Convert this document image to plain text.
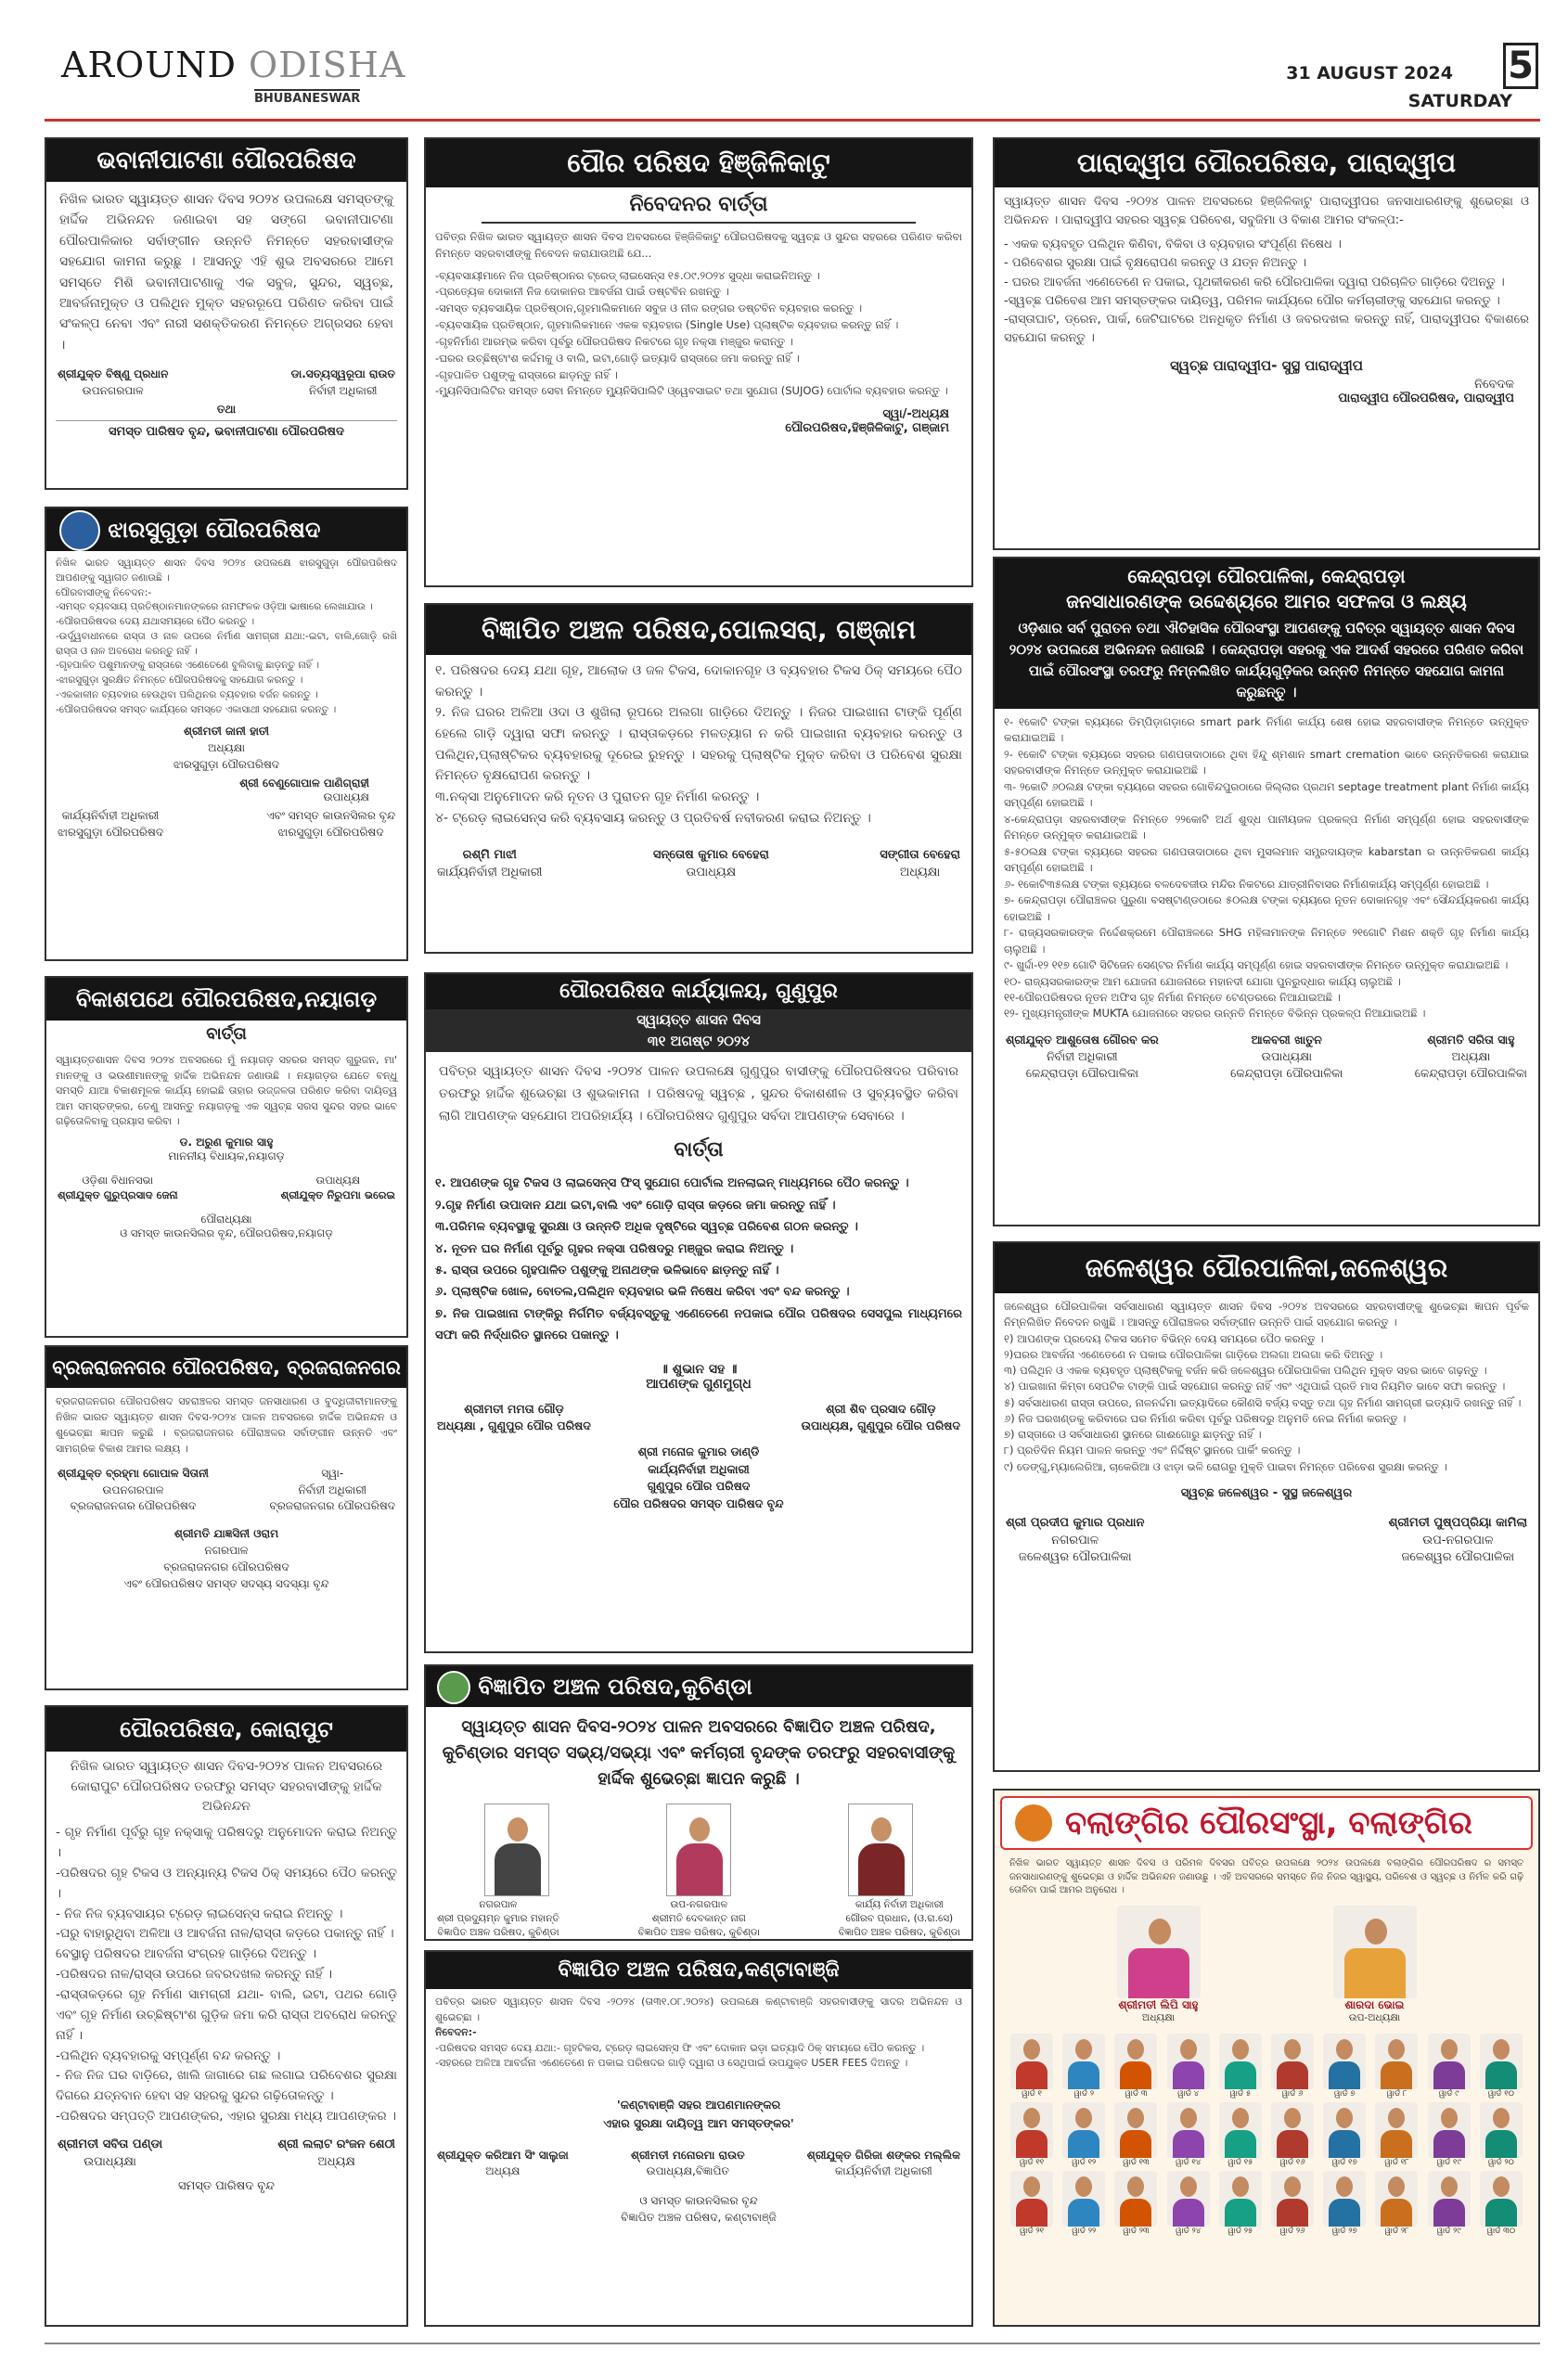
AROUND ODISHA
BHUBANESWAR
31 AUGUST 2024
SATURDAY
5
ଭବାନୀପାଟଣା ପୌରପରିଷଦ
ନିଖିଳ ଭାରତ ସ୍ୱାୟତ୍ତ ଶାସନ ଦିବସ ୨୦୨୪ ଉପଲକ୍ଷେ ସମସ୍ତଙ୍କୁ ହାର୍ଦ୍ଦିକ ଅଭିନନ୍ଦନ ଜଣାଇବା ସହ ସଙ୍ଗେ ଭବାନୀପାଟଣା ପୌରପାଳିକାର ସର୍ବାଙ୍ଗୀନ ଉନ୍ନତି ନିମନ୍ତେ ସହରବାସୀଙ୍କ ସହଯୋଗ କାମନା କରୁଛୁ । ଆସନ୍ତୁ ଏହି ଶୁଭ ଅବସରରେ ଆମେ ସମସ୍ତେ ମିଶି ଭବାନୀପାଟଣାକୁ ଏକ ସବୁଜ, ସୁନ୍ଦର, ସ୍ୱଚ୍ଛ, ଆବର୍ଜନାମୁକ୍ତ ଓ ପଲିଥିନ ମୁକ୍ତ ସହରରୂପେ ପରିଣତ କରିବା ପାଇଁ ସଂକଳ୍ପ ନେବା ଏବଂ ନାରୀ ସଶକ୍ତିକରଣ ନିମନ୍ତେ ଅଗ୍ରସର ହେବା ।
ଶ୍ରୀଯୁକ୍ତ ବିଷ୍ଣୁ ପ୍ରଧାନ
ଉପନଗରପାଳ
ଡା.ସତ୍ୟସ୍ୱରୂପା ରାଉତ
ନିର୍ବାହୀ ଅଧିକାରୀ
ତଥା
ସମସ୍ତ ପାରିଷଦ ବୃନ୍ଦ, ଭବାନୀପାଟଣା ପୌରପରିଷଦ
ପୌର ପରିଷଦ ହିଞ୍ଜିଳିକାଟୁ
ନିବେଦନର ବାର୍ତ୍ତା
ପବିତ୍ର ନିଖିଳ ଭାରତ ସ୍ୱାୟତ୍ତ ଶାସନ ଦିବସ ଅବସରରେ ହିଞ୍ଜିଳିକାଟୁ ପୌରପରିଷଦକୁ ସ୍ୱଚ୍ଛ ଓ ସୁନ୍ଦର ସହରରେ ପରିଣତ କରିବା ନିମନ୍ତେ ସହରବାସୀଙ୍କୁ ନିବେଦନ କରାଯାଉଅଛି ଯେ...
-ବ୍ୟବସାୟୀମାନେ ନିଜ ପ୍ରତିଷ୍ଠାନର ଟ୍ରେଡ୍ ଲାଇସେନ୍ସ ୧୫.୦୯.୨୦୨୪ ସୁଦ୍ଧା କରାଇନିଅନ୍ତୁ ।
-ପ୍ରତ୍ୟେକ ଦୋକାନୀ ନିଜ ଦୋକାନର ଆବର୍ଜନା ପାଇଁ ଡଷ୍ଟବିନ ରଖନ୍ତୁ ।
-ସମସ୍ତ ବ୍ୟବସାୟିକ ପ୍ରତିଷ୍ଠାନ,ଗୃହମାଲିକମାନେ ସବୁଜ ଓ ନୀଳ ରଙ୍ଗର ଡଷ୍ଟବିନ ବ୍ୟବହାର କରନ୍ତୁ ।
-ବ୍ୟବସାୟିକ ପ୍ରତିଷ୍ଠାନ, ଗୃହମାଲିକମାନେ ଏକକ ବ୍ୟବହାର (Single Use) ପ୍ଲାଷ୍ଟିକ ବ୍ୟବହାର କରନ୍ତୁ ନାହିଁ ।
-ଗୃହନିର୍ମାଣ ଆରମ୍ଭ କରିବା ପୂର୍ବରୁ ପୌରପରିଷଦ ନିକଟରେ ଗୃହ ନକ୍ସା ମଞ୍ଜୁର କରାନ୍ତୁ ।
-ଘରର ଉଚ୍ଛିଷ୍ଟାଂଶ କର୍ଦ୍ଦମକୁ ଓ ବାଲି, ଇଟା,ଗୋଡ଼ି ଇତ୍ୟାଦି ରାସ୍ତାରେ ଜମା କରନ୍ତୁ ନାହିଁ ।
-ଗୃହପାଳିତ ପଶୁଙ୍କୁ ରାସ୍ତାରେ ଛାଡ଼ନ୍ତୁ ନାହିଁ ।
-ମ୍ୟୁନିସିପାଲିଟିର ସମସ୍ତ ସେବା ନିମନ୍ତେ ମ୍ୟୁନିସିପାଲିଟି ଓ୍ୱେବସାଇଟ ତଥା ସୁଯୋଗ (SUJOG) ପୋର୍ଟାଲ ବ୍ୟବହାର କରନ୍ତୁ ।
ସ୍ୱା/-ଅଧ୍ୟକ୍ଷ
ପୌରପରିଷଦ,ହିଞ୍ଜିଳିକାଟୁ, ଗଞ୍ଜାମ
ପାରାଦ୍ୱୀପ ପୌରପରିଷଦ, ପାରାଦ୍ୱୀପ
ସ୍ୱାୟତ୍ତ ଶାସନ ଦିବସ -୨୦୨୪ ପାଳନ ଅବସରରେ ହିଞ୍ଜିଳିକାଟୁ ପାରାଦ୍ୱୀପର ଜନସାଧାରଣଙ୍କୁ ଶୁଭେଚ୍ଛା ଓ ଅଭିନନ୍ଦନ । ପାରାଦ୍ୱୀପ ସହରର ସ୍ୱଚ୍ଛ ପରିବେଶ, ସବୁଜିମା ଓ ବିକାଶ ଆମର ସଂକଳ୍ପ:-
- ଏକକ ବ୍ୟବହୃତ ପଲିଥିନ କିଣିବା, ବିକିବା ଓ ବ୍ୟବହାର ସଂପୂର୍ଣ୍ଣ ନିଷେଧ ।
- ପରିବେଶର ସୁରକ୍ଷା ପାଇଁ ବୃକ୍ଷରୋପଣ କରନ୍ତୁ ଓ ଯତ୍ନ ନିଅନ୍ତୁ ।
- ଘରର ଆବର୍ଜନା ଏଣେତେଣେ ନ ପକାଇ, ପୃଥକୀକରଣ କରି ପୌରପାଳିକା ଦ୍ୱାରା ପରିଚାଳିତ ଗାଡ଼ିରେ ଦିଅନ୍ତୁ ।
-ସ୍ୱଚ୍ଛ ପରିବେଶ ଆମ ସମସ୍ତଙ୍କର ଦାୟିତ୍ୱ, ପରିମଳ କାର୍ଯ୍ୟରେ ପୌର କର୍ମଚାରୀଙ୍କୁ ସହଯୋଗ କରନ୍ତୁ ।
-ରାସ୍ତାଘାଟ, ଡ୍ରେନ, ପାର୍କ, ଜେଟିଘାଟରେ ଅନଧିକୃତ ନିର୍ମାଣ ଓ ଜବରଦଖଲ କରନ୍ତୁ ନାହିଁ, ପାରାଦ୍ୱୀପର ବିକାଶରେ ସହଯୋଗ କରନ୍ତୁ ।
ସ୍ୱଚ୍ଛ ପାରାଦ୍ୱୀପ- ସୁସ୍ଥ ପାରାଦ୍ୱୀପ
ନିବେଦକ
ପାରାଦ୍ୱୀପ ପୌରପରିଷଦ, ପାରାଦ୍ୱୀପ
ଝାରସୁଗୁଡ଼ା ପୌରପରିଷଦ
ନିଖିଳ ଭାରତ ସ୍ୱାୟତ୍ତ ଶାସନ ଦିବସ ୨୦୨୪ ଉପଲକ୍ଷେ ଝାରସୁଗୁଡ଼ା ପୌରପରିଷଦ ଆପଣଙ୍କୁ ସ୍ୱାଗତ ଜଣାଉଛି ।
ପୌରବାସୀଙ୍କୁ ନିବେଦନ:-
-ସମସ୍ତ ବ୍ୟବସାୟ ପ୍ରତିଷ୍ଠାନମାନଙ୍କରେ ନାମଫଳକ ଓଡ଼ିଆ ଭାଷାରେ ଲେଖାଯାଉ ।
-ପୌରପରିଷଦର ଦେୟ ଯଥାସମୟରେ ପୈଠ କରନ୍ତୁ ।
-ଉର୍ଦ୍ଧ୍ୱବାଧୀନରେ ରାସ୍ତା ଓ ନାଳ ଉପରେ ନିର୍ମାଣ ସାମଗ୍ରୀ ଯଥା:-ଇଟା, ବାଲି,ଗୋଡ଼ି ରଖି ରାସ୍ତା ଓ ନାଳ ଅବରୋଧ କରନ୍ତୁ ନାହିଁ ।
-ଗୃହପାଳିତ ପଶୁମାନଙ୍କୁ ରାସ୍ତାରେ ଏଣେତେଣେ ବୁଲିବାକୁ ଛାଡ଼ନ୍ତୁ ନାହିଁ ।
-ଝାରସୁଗୁଡ଼ା ସୁରକ୍ଷିତ ନିମନ୍ତେ ପୌରପରିଷଦକୁ ସହଯୋଗ କରନ୍ତୁ ।
-ଏକକାଳୀନ ବ୍ୟବହାର ହେଉଥିବା ପଲିଥିନର ବ୍ୟବହାର ବର୍ଜନ କରନ୍ତୁ ।
-ପୌରପରିଷଦର ସମସ୍ତ କାର୍ଯ୍ୟରେ ସମସ୍ତେ ଏକାସାଥୀ ସହଯୋଗ କରନ୍ତୁ ।
ଶ୍ରୀମତୀ ଜାନୀ ହାତୀ
ଅଧ୍ୟକ୍ଷା
ଝାରସୁଗୁଡ଼ା ପୌରପରିଷଦ
ଶ୍ରୀ ବେଣୁଗୋପାଳ ପାଣିଗ୍ରାହୀ
ଉପାଧ୍ୟକ୍ଷ
କାର୍ଯ୍ୟନିର୍ବାହୀ ଅଧିକାରୀ
ଝାରସୁଗୁଡ଼ା ପୌରପରିଷଦ
ଏବଂ ସମସ୍ତ କାଉନସିଲର ବୃନ୍ଦ
ଝାରସୁଗୁଡ଼ା ପୌରପରିଷଦ
ବିଜ୍ଞାପିତ ଅଞ୍ଚଳ ପରିଷଦ,ପୋଲସରା, ଗଞ୍ଜାମ
୧. ପରିଷଦର ଦେୟ ଯଥା ଗୃହ, ଆଲୋକ ଓ ଜଳ ଟିକସ, ଦୋକାନଗୃହ ଓ ବ୍ୟବହାର ଟିକସ ଠିକ୍ ସମୟରେ ପୈଠ କରନ୍ତୁ ।
୨. ନିଜ ଘରର ଅଳିଆ ଓଦା ଓ ଶୁଖିଲା ରୂପରେ ଅଲଗା ଗାଡ଼ିରେ ଦିଅନ୍ତୁ । ନିଜର ପାଇଖାନା ଟାଙ୍କି ପୂର୍ଣ୍ଣ ହେଲେ ଗାଡ଼ି ଦ୍ୱାରା ସଫା କରନ୍ତୁ । ରାସ୍ତାକଡ଼ରେ ମଳତ୍ୟାଗ ନ କରି ପାଇଖାନା ବ୍ୟବହାର କରନ୍ତୁ ଓ ପଲିଥିନ,ପ୍ଲାଷ୍ଟିକର ବ୍ୟବହାରକୁ ଦୂରେଇ ରୁହନ୍ତୁ । ସହରକୁ ପ୍ଲାଷ୍ଟିକ ମୁକ୍ତ କରିବା ଓ ପରିବେଶ ସୁରକ୍ଷା ନିମନ୍ତେ ବୃକ୍ଷରୋପଣ କରନ୍ତୁ ।
୩.ନକ୍ସା ଅନୁମୋଦନ କରି ନୂତନ ଓ ପୁରାତନ ଗୃହ ନିର୍ମାଣ କରନ୍ତୁ ।
୪- ଟ୍ରେଡ଼ ଲାଇସେନ୍ସ କରି ବ୍ୟବସାୟ କରନ୍ତୁ ଓ ପ୍ରତିବର୍ଷ ନବୀକରଣ କରାଇ ନିଅନ୍ତୁ ।
ରଶ୍ମି ମାଝୀ
କାର୍ଯ୍ୟନିର୍ବାହୀ ଅଧିକାରୀ
ସନ୍ତୋଷ କୁମାର ବେହେରା
ଉପାଧ୍ୟକ୍ଷ
ସଙ୍ଗୀତା ବେହେରା
ଅଧ୍ୟକ୍ଷା
କେନ୍ଦ୍ରାପଡ଼ା ପୌରପାଳିକା, କେନ୍ଦ୍ରାପଡ଼ା
ଜନସାଧାରଣଙ୍କ ଉଦ୍ଦେଶ୍ୟରେ ଆମର ସଫଳତା ଓ ଲକ୍ଷ୍ୟ
ଓଡ଼ିଶାର ସର୍ବ ପୁରାତନ ତଥା ଐତିହାସିକ ପୌରସଂସ୍ଥା ଆପଣଙ୍କୁ ପବିତ୍ର ସ୍ୱାୟତ୍ତ ଶାସନ ଦିବସ ୨୦୨୪ ଉପଲକ୍ଷେ ଅଭିନନ୍ଦନ ଜଣାଉଛି । କେନ୍ଦ୍ରାପଡ଼ା ସହରକୁ ଏକ ଆଦର୍ଶ ସହରରେ ପରିଣତ କରିବା ପାଇଁ ପୌରସଂସ୍ଥା ତରଫରୁ ନିମ୍ନଲିଖିତ କାର୍ଯ୍ୟଗୁଡ଼ିକର ଉନ୍ନତି ନିମନ୍ତେ ସହଯୋଗ କାମନା କରୁଛନ୍ତୁ ।
୧- ୧କୋଟି ଟଙ୍କା ବ୍ୟୟରେ ଡିମ୍ପିଡ଼ାଗଡ଼ାରେ smart park ନିର୍ମାଣ କାର୍ଯ୍ୟ ଶେଷ ହୋଇ ସହରବାସୀଙ୍କ ନିମନ୍ତେ ଉନ୍ମୁକ୍ତ କରାଯାଇଅଛି ।
୨- ୧କୋଟି ଟଙ୍କା ବ୍ୟୟରେ ସହରର ଗଣପତାଦାଠାରେ ଥିବା ହିନ୍ଦୁ ଶ୍ମଶାନ smart cremation ଭାବେ ଉନ୍ନତିକରଣ କରାଯାଇ ସହରବାସୀଙ୍କ ନିମନ୍ତେ ଉନ୍ମୁକ୍ତ କରାଯାଇଅଛି ।
୩- ୨କୋଟି ୬୦ଲକ୍ଷ ଟଙ୍କା ବ୍ୟୟରେ ସହରର ଗୋବିନ୍ଦପୁରଠାରେ ଜିଲ୍ଲାର ପ୍ରଥମ septage treatment plant ନିର୍ମାଣ କାର୍ଯ୍ୟ ସମ୍ପୂର୍ଣ୍ଣ ହୋଇଅଛି ।
୪-କେନ୍ଦ୍ରାପଡ଼ା ସହରବାସୀଙ୍କ ନିମନ୍ତେ ୨୨କୋଟି ଅର୍ଥ ଶୁଦ୍ଧ ପାନୀୟଜଳ ପ୍ରକଳ୍ପ ନିର୍ମାଣ ସମ୍ପୂର୍ଣ୍ଣ ହୋଇ ସହରବାସୀଙ୍କ ନିମନ୍ତେ ଉନ୍ମୁକ୍ତ କରାଯାଇଅଛି ।
୫-୫୦ଲକ୍ଷ ଟଙ୍କା ବ୍ୟୟରେ ସହରର ଗଣପତାଦାଠାରେ ଥିବା ମୁସଲମାନ ସମ୍ପ୍ରଦାୟଙ୍କ kabarstan ର ଉନ୍ନତିକରଣ କାର୍ଯ୍ୟ ସମ୍ପୂର୍ଣ୍ଣ ହୋଇଅଛି ।
୬- ୧କୋଟି୩୫ଲକ୍ଷ ଟଙ୍କା ବ୍ୟୟରେ ବଳଦେବଜୀଉ ମନ୍ଦିର ନିକଟରେ ଯାତ୍ରୀନିବାସର ନିର୍ମାଣକାର୍ଯ୍ୟ ସମ୍ପୂର୍ଣ୍ଣ ହୋଇଅଛି ।
୭- କେନ୍ଦ୍ରାପଡ଼ା ପୌରାଞ୍ଚଳର ପୁରୁଣା ବସଷ୍ଟାଣ୍ଡଠାରେ ୫୦ଲକ୍ଷ ଟଙ୍କା ବ୍ୟୟରେ ନୂତନ ଦୋକାନଗୃହ ଏବଂ ସୌନ୍ଦର୍ଯ୍ୟକରଣ କାର୍ଯ୍ୟ ହୋଇଅଛି ।
୮- ରାଜ୍ୟସରକାରଙ୍କ ନିର୍ଦ୍ଦେଶକ୍ରମେ ପୌରାଞ୍ଚଳରେ SHG ମହିଳାମାନଙ୍କ ନିମନ୍ତେ ୨୧ଗୋଟି ମିଶନ ଶକ୍ତି ଗୃହ ନିର୍ମାଣ କାର୍ଯ୍ୟ ଚାଲୁଅଛି ।
୯- ଖୁର୍ଦ୍ଦା-୧୨ ୧୧୭ ଗୋଟି ସିଟିଜେନ ସେଣ୍ଟର ନିର୍ମାଣ କାର୍ଯ୍ୟ ସମ୍ପୂର୍ଣ୍ଣ ହୋଇ ସହରବାସୀଙ୍କ ନିମନ୍ତେ ଉନ୍ମୁକ୍ତ କରାଯାଇଅଛି ।
୧୦- ରାଜ୍ୟସରକାରଙ୍କ ଆମ ଯୋଜନା ଯୋଜନାରେ ମହାନଦୀ ଯୋଗା ପୁନରୁଦ୍ଧାର କାର୍ଯ୍ୟ ଚାଲୁଅଛି ।
୧୧-ପୌରପରିଷଦର ନୂତନ ଅଫିସ ଗୃହ ନିର୍ମାଣ ନିମନ୍ତେ ଟେଣ୍ଡରରେ ନିଆଯାଇଅଛି ।
୧୨- ମୁଖ୍ୟମନ୍ତ୍ରୀଙ୍କ MUKTA ଯୋଜନାରେ ସହରର ଉନ୍ନତି ନିମନ୍ତେ ବିଭିନ୍ନ ପ୍ରକଳ୍ପ ନିଆଯାଇଅଛି ।
ଶ୍ରୀଯୁକ୍ତ ଆଶୁତୋଷ ଗୌରବ କର
ନିର୍ବାହୀ ଅଧିକାରୀ
କେନ୍ଦ୍ରାପଡ଼ା ପୌରପାଳିକା
ଆକବରୀ ଖାତୁନ
ଉପାଧ୍ୟକ୍ଷା
କେନ୍ଦ୍ରାପଡ଼ା ପୌରପାଳିକା
ଶ୍ରୀମତି ସରିତା ସାହୁ
ଅଧ୍ୟକ୍ଷା
କେନ୍ଦ୍ରାପଡ଼ା ପୌରପାଳିକା
ବିକାଶପଥେ ପୌରପରିଷଦ,ନୟାଗଡ଼
ବାର୍ତ୍ତା
ସ୍ୱାୟତ୍ତଶାସନ ଦିବସ ୨୦୨୪ ଅବସରରେ ମୁଁ ନୟାଗଡ଼ ସହରର ସମସ୍ତ ଗୁରୁଜନ, ମା' ମାନଙ୍କୁ ଓ ଭଉଣୀମାନଙ୍କୁ ହାର୍ଦ୍ଦିକ ଅଭିନନ୍ଦନ ଜଣାଉଛି । ନୟାଗଡ଼ର ଯେତେ ବନ୍ଧୁ ସମସ୍ତି ଯାଆ ବିକାଶମୂଳକ କାର୍ଯ୍ୟ ହୋଇଛି ତାହାର ଉଜ୍ଜଳତା ପରିଣତ କରିବା ଦାୟିତ୍ୱ ଆମ ସମସ୍ତଙ୍କର, ତେଣୁ ଆସନ୍ତୁ ନୟାଗଡ଼କୁ ଏକ ସ୍ୱଚ୍ଛ ସରସ ସୁନ୍ଦର ସହର ଭାବେ ଗଢ଼ିତୋଳିବାକୁ ପ୍ରୟାସ କରିବା ।
ଡ. ଅରୁଣ କୁମାର ସାହୁ
ମାନନୀୟ ବିଧାୟକ,ନୟାଗଡ଼
ଓଡ଼ିଶା ବିଧାନସଭା
ଶ୍ରୀଯୁକ୍ତ ଗୁରୁପ୍ରସାଦ ଜେନା
ଉପାଧ୍ୟକ୍ଷ
ଶ୍ରୀଯୁକ୍ତ ନିରୁପମା ଭରେଇ
ପୌରାଧ୍ୟକ୍ଷା
ଓ ସମସ୍ତ କାଉନସିଲର ବୃନ୍ଦ, ପୌରପରିଷଦ,ନୟାଗଡ଼
ପୌରପରିଷଦ କାର୍ଯ୍ୟାଳୟ, ଗୁଣୁପୁର
ସ୍ୱାୟତ୍ତ ଶାସନ ଦିବସ
୩୧ ଅଗଷ୍ଟ ୨୦୨୪
ପବିତ୍ର ସ୍ୱାୟତ୍ତ ଶାସନ ଦିବସ -୨୦୨୪ ପାଳନ ଉପଲକ୍ଷେ ଗୁଣୁପୁର ବାସୀଙ୍କୁ ପୌରପରିଷଦର ପରିବାର ତରଫରୁ ହାର୍ଦ୍ଦିକ ଶୁଭେଚ୍ଛା ଓ ଶୁଭକାମନା । ପରିଷଦକୁ ସ୍ୱଚ୍ଛ , ସୁନ୍ଦର ବିକାଶଶୀଳ ଓ ସୁବ୍ୟବସ୍ଥିତ କରିବା ଲାଗି ଆପଣଙ୍କ ସହଯୋଗ ଅପରିହାର୍ଯ୍ୟ । ପୌରପରିଷଦ ଗୁଣୁପୁର ସର୍ବଦା ଆପଣଙ୍କ ସେବାରେ ।
ବାର୍ତ୍ତା
୧. ଆପଣଙ୍କ ଗୃହ ଟିକସ ଓ ଲାଇସେନ୍ସ ଫିସ୍ ସୁଯୋଗ ପୋର୍ଟାଲ ଅନଲାଇନ୍ ମାଧ୍ୟମରେ ପୈଠ କରନ୍ତୁ ।
୨.ଗୃହ ନିର୍ମାଣ ଉପାଦାନ ଯଥା ଇଟା,ବାଲି ଏବଂ ଗୋଡ଼ି ରାସ୍ତା କଡ଼ରେ ଜମା କରନ୍ତୁ ନାହିଁ ।
୩.ପରିମଳ ବ୍ୟବସ୍ଥାକୁ ସୁରକ୍ଷା ଓ ଉନ୍ନତି ଅଧିକ ଦୃଷ୍ଟିରେ ସ୍ୱଚ୍ଛ ପରିବେଶ ଗଠନ କରନ୍ତୁ ।
୪. ନୂତନ ଘର ନିର୍ମାଣ ପୂର୍ବରୁ ଗୃହର ନକ୍ସା ପରିଷଦରୁ ମଞ୍ଜୁର କରାଇ ନିଅନ୍ତୁ ।
୫. ରାସ୍ତା ଉପରେ ଗୃହପାଳିତ ପଶୁଙ୍କୁ ଅନାଥଙ୍କ ଭଳିଭାବେ ଛାଡ଼ନ୍ତୁ ନାହିଁ ।
୬. ପ୍ଲାଷ୍ଟିକ ଖୋଳ, ବୋତଲ,ପଲିଥିନ ବ୍ୟବହାର ଭଳି ନିଷେଧ କରିବା ଏବଂ ବନ୍ଦ କରନ୍ତୁ ।
୭. ନିଜ ପାଇଖାନା ଟାଙ୍କିରୁ ନିର୍ଗମିତ ବର୍ଜ୍ୟବସ୍ତୁକୁ ଏଣେତେଣେ ନପକାଇ ପୌର ପରିଷଦର ସେସପୁଲ ମାଧ୍ୟମରେ ସଫା କରି ନିର୍ଦ୍ଧାରିତ ସ୍ଥାନରେ ପକାନ୍ତୁ ।
॥ ଶୁଭାନ ସହ ॥
ଆପଣଙ୍କ ଗୁଣମୁଗ୍ଧ
ଶ୍ରୀମତୀ ମମତା ଗୌଡ଼
ଅଧ୍ୟକ୍ଷା , ଗୁଣୁପୁର ପୌର ପରିଷଦ
ଶ୍ରୀ ଶିବ ପ୍ରସାଦ ଗୌଡ଼
ଉପାଧ୍ୟକ୍ଷ, ଗୁଣୁପୁର ପୌର ପରିଷଦ
ଶ୍ରୀ ମନୋଜ କୁମାର ଡାଣ୍ଡି
କାର୍ଯ୍ୟନିର୍ବାହୀ ଅଧିକାରୀ
ଗୁଣୁପୁର ପୌର ପରିଷଦ
ପୌର ପରିଷଦର ସମସ୍ତ ପାରିଷଦ ବୃନ୍ଦ
ବ୍ରଜରାଜନଗର ପୌରପରିଷଦ, ବ୍ରଜରାଜନଗର
ବ୍ରଜରାଜନଗର ପୌରପରିଷଦ ସହରାଞ୍ଚଳର ସମସ୍ତ ଜନସାଧାରଣ ଓ ବୁଦ୍ଧିଜୀବୀମାନଙ୍କୁ ନିଖିଳ ଭାରତ ସ୍ୱାୟତ୍ତ ଶାସନ ଦିବସ-୨୦୨୪ ପାଳନ ଅବସରରେ ହାର୍ଦ୍ଦିକ ଅଭିନନ୍ଦନ ଓ ଶୁଭେଚ୍ଛା ଜ୍ଞାପନ କରୁଛି । ବ୍ରଜରାଜନଗର ପୌରାଞ୍ଚଳର ସର୍ବାଙ୍ଗୀନ ଉନ୍ନତି ଏବଂ ସାମଗ୍ରିକ ବିକାଶ ଆମର ଲକ୍ଷ୍ୟ ।
ଶ୍ରୀଯୁକ୍ତ ବ୍ରହ୍ମା ଗୋପାଳ ସିତାନୀ
ଉପନଗରପାଳ
ବ୍ରଜରାଜନଗର ପୌରପରିଷଦ
ସ୍ୱା-
ନିର୍ବାହୀ ଅଧିକାରୀ
ବ୍ରଜରାଜନଗର ପୌରପରିଷଦ
ଶ୍ରୀମତି ଯାଜ୍ଞସିନୀ ଓରାମ
ନଗରପାଳ
ବ୍ରଜରାଜନଗର ପୌରପରିଷଦ
ଏବଂ ପୌରପରିଷଦ ସମସ୍ତ ସଦସ୍ୟ ସଦସ୍ୟା ବୃନ୍ଦ
ବିଜ୍ଞାପିତ ଅଞ୍ଚଳ ପରିଷଦ,କୁଚିଣ୍ଡା
ସ୍ୱାୟତ୍ତ ଶାସନ ଦିବସ-୨୦୨୪ ପାଳନ ଅବସରରେ ବିଜ୍ଞାପିତ ଅଞ୍ଚଳ ପରିଷଦ, କୁଚିଣ୍ଡାର ସମସ୍ତ ସଭ୍ୟ/ସଭ୍ୟା ଏବଂ କର୍ମଚାରୀ ବୃନ୍ଦଙ୍କ ତରଫରୁ ସହରବାସୀଙ୍କୁ ହାର୍ଦ୍ଦିକ ଶୁଭେଚ୍ଛା ଜ୍ଞାପନ କରୁଛି ।
ନଗରପାଳ
ଶ୍ରୀ ପ୍ରଦ୍ୟୁମ୍ନ କୁମାର ମହାନ୍ତି
ବିଜ୍ଞାପିତ ଅଞ୍ଚଳ ପରିଷଦ, କୁଚିଣ୍ଡା
ଉପ-ନଗରପାଳ
ଶ୍ରୀମତି ଦେବକାନ୍ତ ନାଗ
ବିଜ୍ଞାପିତ ଅଞ୍ଚଳ ପରିଷଦ, କୁଚିଣ୍ଡା
କାର୍ଯ୍ୟ ନିର୍ବାହୀ ଅଧିକାରୀ
ଗୌରବ ପ୍ରଧାନ, (ଓ.ରା.ସେ)
ବିଜ୍ଞାପିତ ଅଞ୍ଚଳ ପରିଷଦ, କୁଚିଣ୍ଡା
ଜଳେଶ୍ୱର ପୌରପାଳିକା,ଜଳେଶ୍ୱର
ଜଳେଶ୍ୱର ପୌରପାଳିକା ସର୍ବସାଧାରଣ ସ୍ୱାୟତ୍ତ ଶାସନ ଦିବସ -୨୦୨୪ ଅବସରରେ ସହରବାସୀଙ୍କୁ ଶୁଭେଚ୍ଛା ଜ୍ଞାପନ ପୂର୍ବକ ନିମ୍ନଲିଖିତ ନିବେଦନ ରଖୁଛି । ଆସନ୍ତୁ ପୌରାଞ୍ଚଳର ସର୍ବାଙ୍ଗୀନ ଉନ୍ନତି ପାଇଁ ସହଯୋଗ କରନ୍ତୁ ।
୧) ଆପଣଙ୍କ ପ୍ରଦେୟ ଟିକସ ସମେତ ବିଭିନ୍ନ ଦେୟ ସମୟରେ ପୈଠ କରନ୍ତୁ ।
୨)ଘରର ଆବର୍ଜନା ଏଣେତେଣେ ନ ପକାଇ ପୌରପାଳିକା ଗାଡ଼ିରେ ଅଲଗା ଅଲଗା କରି ଦିଅନ୍ତୁ ।
୩) ପଲିଥିନ ଓ ଏକକ ବ୍ୟବହୃତ ପ୍ଲାଷ୍ଟିକକୁ ବର୍ଜନ କରି ଜଳେଶ୍ୱର ପୌରପାଳିକା ପଲିଥିନ ମୁକ୍ତ ସହର ଭାବେ ଗଢ଼ନ୍ତୁ ।
୪) ପାଇଖାନା କିମ୍ବା ସେପଟିକ ଟାଙ୍କି ପାଇଁ ସହଯୋଗ କରନ୍ତୁ ନାହିଁ ଏବଂ ଏଥିପାଇଁ ପ୍ରତି ମାସ ନିୟମିତ ଭାବେ ସଫା କରନ୍ତୁ ।
୫) ସର୍ବସାଧାରଣ ରାସ୍ତା ଉପରେ, ନାଳନର୍ଦ୍ଦମା ଇତ୍ୟାଦିରେ କୌଣସି ବର୍ଜ୍ୟ ବସ୍ତୁ ତଥା ଗୃହ ନିର୍ମାଣ ସାମଗ୍ରୀ ଇତ୍ୟାଦି ରଖନ୍ତୁ ନାହିଁ ।
୬) ନିଜ ଘରଖଣ୍ଡକୁ କରିବାରେ ଘର ନିର୍ମାଣ କରିବା ପୂର୍ବରୁ ପରିଷଦରୁ ଅନୁମତି ନେଇ ନିର୍ମାଣ କରନ୍ତୁ ।
୭) ରାସ୍ତାରେ ଓ ସର୍ବସାଧାରଣ ସ୍ଥାନରେ ଗାଈଗୋରୁ ଛାଡ଼ନ୍ତୁ ନାହିଁ ।
୮) ପ୍ରତିଦିନ ନିୟମ ପାଳନ କରନ୍ତୁ ଏବଂ ନିର୍ଦ୍ଦିଷ୍ଟ ସ୍ଥାନରେ ପାର୍କିଂ କରନ୍ତୁ ।
୯) ଡେଙ୍ଗୁ,ମ୍ୟାଲେରିଆ, ଚାକେରିଆ ଓ ଝାଡ଼ା ଭଳି ରୋଗରୁ ମୁକ୍ତି ପାଇବା ନିମନ୍ତେ ପରିବେଶ ସୁରକ୍ଷା କରନ୍ତୁ ।
ସ୍ୱଚ୍ଛ ଜଳେଶ୍ୱର - ସୁସ୍ଥ ଜଳେଶ୍ୱର
ଶ୍ରୀ ପ୍ରଦୀପ କୁମାର ପ୍ରଧାନ
ନଗରପାଳ
ଜଳେଶ୍ୱର ପୌରପାଳିକା
ଶ୍ରୀମତୀ ପୁଷ୍ପପ୍ରିୟା କାମିଲା
ଉପ-ନଗରପାଳ
ଜଳେଶ୍ୱର ପୌରପାଳିକା
ପୌରପରିଷଦ, କୋରାପୁଟ
ନିଖିଳ ଭାରତ ସ୍ୱାୟତ୍ତ ଶାସନ ଦିବସ-୨୦୨୪ ପାଳନ ଅବସରରେ କୋରାପୁଟ ପୌରପରିଷଦ ତରଫରୁ ସମସ୍ତ ସହରବାସୀଙ୍କୁ ହାର୍ଦ୍ଦିକ ଅଭିନନ୍ଦନ
- ଗୃହ ନିର୍ମାଣ ପୂର୍ବରୁ ଗୃହ ନକ୍ସାକୁ ପରିଷଦରୁ ଅନୁମୋଦନ କରାଇ ନିଅନ୍ତୁ ।
-ପରିଷଦର ଗୃହ ଟିକସ ଓ ଅନ୍ୟାନ୍ୟ ଟିକସ ଠିକ୍ ସମୟରେ ପୈଠ କରନ୍ତୁ ।
- ନିଜ ନିଜ ବ୍ୟବସାୟର ଟ୍ରେଡ଼ ଲାଇସେନ୍ସ କରାଇ ନିଅନ୍ତୁ ।
-ଘରୁ ବାହାରୁଥିବା ଅଳିଆ ଓ ଆବର୍ଜନା ନାଳ/ରାସ୍ତା କଡ଼ରେ ପକାନ୍ତୁ ନାହିଁ ।
ବେସ୍ଥାନୁ ପରିଷଦର ଆବର୍ଜନା ସଂଗ୍ରହ ଗାଡ଼ିରେ ଦିଅନ୍ତୁ ।
-ପରିଷଦର ନାଳ/ରାସ୍ତା ଉପରେ ଜବରଦଖଲ କରନ୍ତୁ ନାହିଁ ।
-ରାସ୍ତାକଡ଼ରେ ଗୃହ ନିର୍ମାଣ ସାମଗ୍ରୀ ଯଥା- ବାଲି, ଇଟା, ପଥର ଗୋଡ଼ି ଏବଂ ଗୃହ ନିର୍ମାଣ ଉଚ୍ଛିଷ୍ଟାଂଶ ଗୁଡ଼ିକ ଜମା କରି ରାସ୍ତା ଅବରୋଧ କରନ୍ତୁ ନାହିଁ ।
-ପଲିଥିନ ବ୍ୟବହାରକୁ ସମ୍ପୂର୍ଣ୍ଣ ବନ୍ଦ କରନ୍ତୁ ।
- ନିଜ ନିଜ ଘର ବାଡ଼ିରେ, ଖାଲି ଜାଗାରେ ଗଛ ଲଗାଇ ପରିବେଶର ସୁରକ୍ଷା ଦିଗରେ ଯତ୍ନବାନ ହେବା ସହ ସହରକୁ ସୁନ୍ଦର ଗଢ଼ିତୋଳନ୍ତୁ ।
-ପରିଷଦର ସମ୍ପତ୍ତି ଆପଣଙ୍କର, ଏହାର ସୁରକ୍ଷା ମଧ୍ୟ ଆପଣଙ୍କର ।
ଶ୍ରୀମତୀ ସବିତା ପଣ୍ଡା
ଉପାଧ୍ୟକ୍ଷା
ଶ୍ରୀ ଲଲାଟ ରଂଜନ ଶେଠୀ
ଅଧ୍ୟକ୍ଷ
ସମସ୍ତ ପାରିଷଦ ବୃନ୍ଦ
ବିଜ୍ଞାପିତ ଅଞ୍ଚଳ ପରିଷଦ,କଣ୍ଟାବାଞ୍ଜି
ପବିତ୍ର ଭାରତ ସ୍ୱାୟତ୍ତ ଶାସନ ଦିବସ -୨୦୨୪ (ତା୩୧.୦୮.୨୦୨୪) ଉପଲକ୍ଷେ କଣ୍ଟାବାଞ୍ଜି ସହରବାସୀଙ୍କୁ ସାଦର ଅଭିନନ୍ଦନ ଓ ଶୁଭେଚ୍ଛା ।
ନିବେଦନ:-
-ପରିଷଦର ସମସ୍ତ ଦେୟ ଯଥା:- ଗୃହଟିକସ, ଟ୍ରେଡ଼ ଲାଇସେନ୍ସ ଫି ଏବଂ ଦୋକାନ ଭଡ଼ା ଇତ୍ୟାଦି ଠିକ୍ ସମୟରେ ପୈଠ କରନ୍ତୁ ।
-ସହରରେ ଅଳିଆ ଆବର୍ଜନା ଏଣେତେଣେ ନ ପକାଇ ପରିଷଦର ଗାଡ଼ି ଦ୍ୱାରା ଓ ସେଥିପାଇଁ ଉପଯୁକ୍ତ USER FEES ଦିଅନ୍ତୁ ।
'କଣ୍ଟାବାଞ୍ଜି ସହର ଆପଣମାନଙ୍କର
ଏହାର ସୁରକ୍ଷା ଦାୟିତ୍ୱ ଆମ ସମସ୍ତଙ୍କର'
ଶ୍ରୀଯୁକ୍ତ କରିଆମ ସିଂ ସାଲୁଜା
ଅଧ୍ୟକ୍ଷ
ଶ୍ରୀମତୀ ମନୋରମା ରାଉତ
ଉପାଧ୍ୟକ୍ଷ,ବିଜ୍ଞାପିତ
ଶ୍ରୀଯୁକ୍ତ ଗିରିଜା ଶଙ୍କର ମଲ୍ଲିକ
କାର୍ଯ୍ୟନିର୍ବାହୀ ଅଧିକାରୀ
ଓ ସମସ୍ତ କାଉନସିଲର ବୃନ୍ଦ
ବିଜ୍ଞାପିତ ଅଞ୍ଚଳ ପରିଷଦ, କଣ୍ଟାବାଞ୍ଜି
ବଲାଙ୍ଗିର ପୌରସଂସ୍ଥା, ବଲାଙ୍ଗିର
ନିଖିଳ ଭାରତ ସ୍ୱାୟତ୍ତ ଶାସନ ଦିବସ ଓ ପରିମଳ ଦିବସର ପବିତ୍ର ଉପଲକ୍ଷେ ୨୦୨୪ ଉପଲକ୍ଷେ ବଲାଙ୍ଗିର ପୌରପରିଷଦ ର ସମସ୍ତ ଜନସାଧାରଣଙ୍କୁ ଶୁଭେଚ୍ଛା ଓ ହାର୍ଦ୍ଦିକ ଅଭିନନ୍ଦନ ଜଣାଉଛୁ । ଏହି ଅବସରରେ ସମସ୍ତେ ନିଜ ନିଜର ସ୍ୱାସ୍ଥ୍ୟ, ପରିବେଶ ଓ ସ୍ୱଚ୍ଛ ଓ ନିର୍ମଳ କରି ଗଢ଼ି ତୋଳିବା ପାଇଁ ଆମର ଅନୁରୋଧ ।
ଶ୍ରୀମତୀ ଲିପି ସାହୁ
ଅଧ୍ୟକ୍ଷା
ଶାରଦା ଭୋଇ
ଉପ-ଅଧ୍ୟକ୍ଷା
ୱାର୍ଡ ୧	ୱାର୍ଡ ୨	ୱାର୍ଡ ୩	ୱାର୍ଡ ୪	ୱାର୍ଡ ୫	ୱାର୍ଡ ୬	ୱାର୍ଡ ୭	ୱାର୍ଡ ୮	ୱାର୍ଡ ୯	ୱାର୍ଡ ୧୦
ୱାର୍ଡ ୧୧	ୱାର୍ଡ ୧୨	ୱାର୍ଡ ୧୩	ୱାର୍ଡ ୧୪	ୱାର୍ଡ ୧୫	ୱାର୍ଡ ୧୬	ୱାର୍ଡ ୧୭	ୱାର୍ଡ ୧୮	ୱାର୍ଡ ୧୯	ୱାର୍ଡ ୨୦
ୱାର୍ଡ ୨୧	ୱାର୍ଡ ୨୨	ୱାର୍ଡ ୨୩	ୱାର୍ଡ ୨୪	ୱାର୍ଡ ୨୫	ୱାର୍ଡ ୨୬	ୱାର୍ଡ ୨୭	ୱାର୍ଡ ୨୮	ୱାର୍ଡ ୨୯	ୱାର୍ଡ ୩୦
